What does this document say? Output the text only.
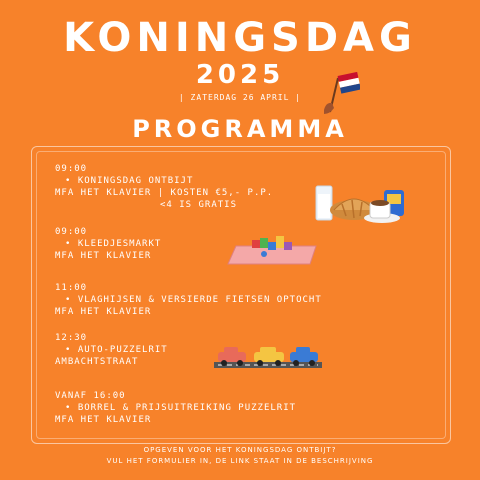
KONINGSDAG
2025
| ZATERDAG 26 APRIL |
PROGRAMMA
09:00
• KONINGSDAG ONTBIJT
MFA HET KLAVIER | KOSTEN €5,- P.P.
<4 IS GRATIS
09:00
• KLEEDJESMARKT
MFA HET KLAVIER
11:00
• VLAGHIJSEN & VERSIERDE FIETSEN OPTOCHT
MFA HET KLAVIER
12:30
• AUTO-PUZZELRIT
AMBACHTSTRAAT
VANAF 16:00
• BORREL & PRIJSUITREIKING PUZZELRIT
MFA HET KLAVIER
OPGEVEN VOOR HET KONINGSDAG ONTBIJT?
VUL HET FORMULIER IN, DE LINK STAAT IN DE BESCHRIJVING
